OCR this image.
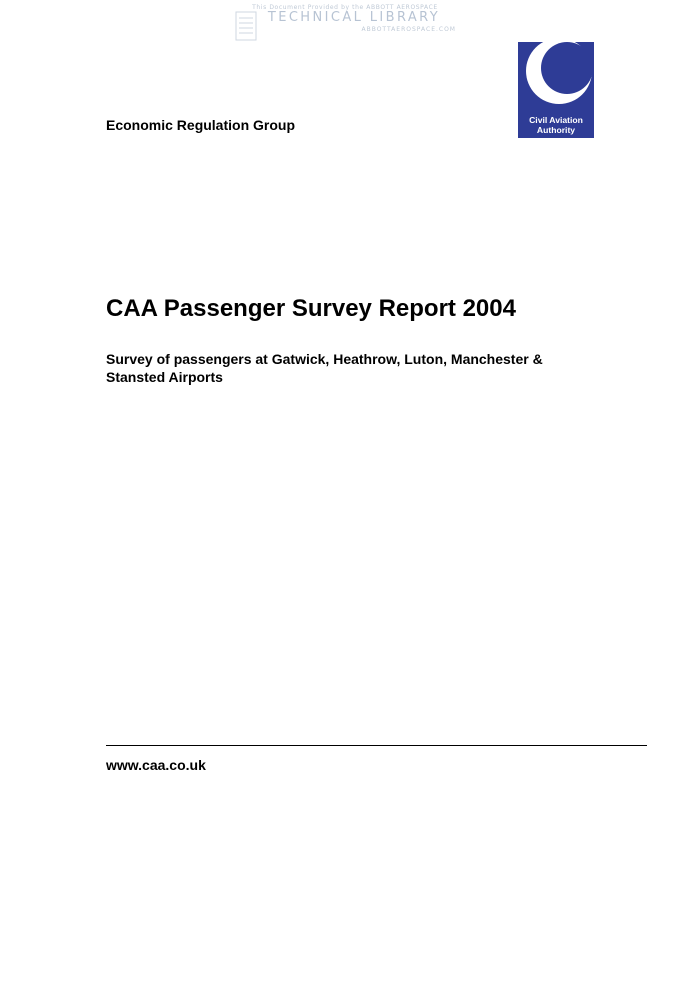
This Document Provided by the ABBOTT AEROSPACE
TECHNICAL LIBRARY
ABBOTTAEROSPACE.COM
Civil Aviation
Authority
Economic Regulation Group
CAA Passenger Survey Report 2004
Survey of passengers at Gatwick, Heathrow, Luton, Manchester & Stansted Airports
www.caa.co.uk
